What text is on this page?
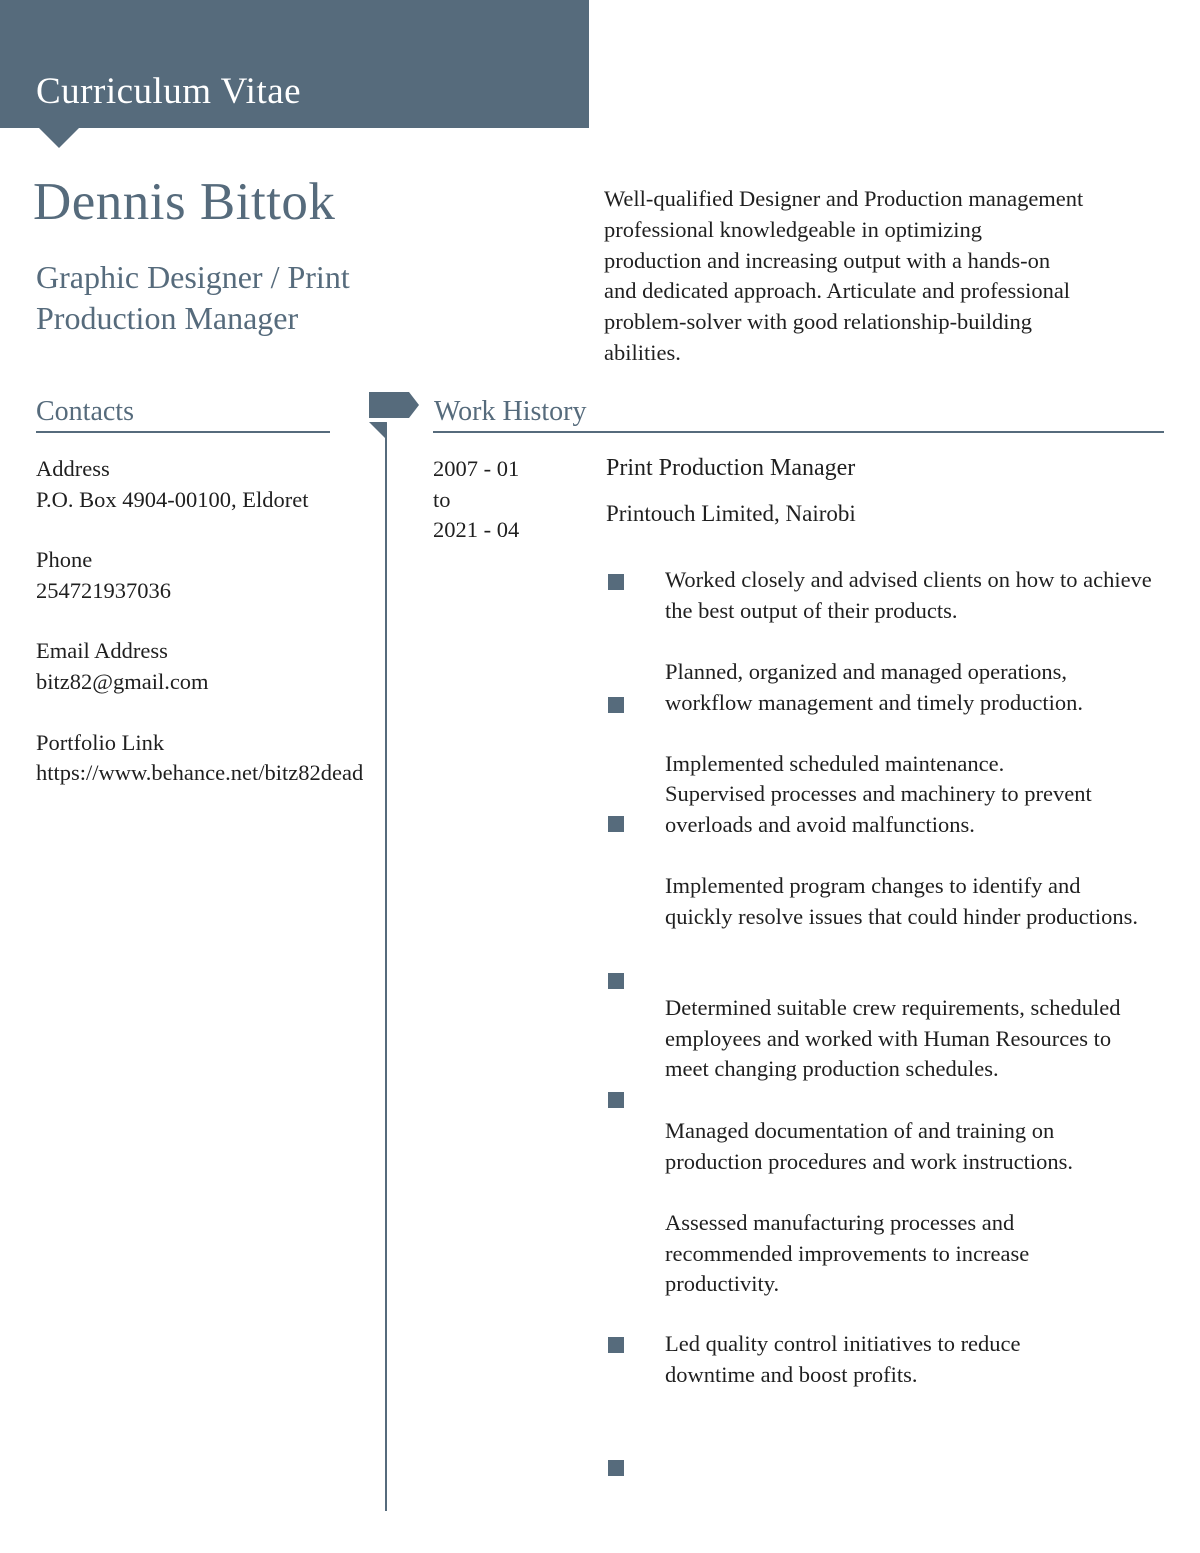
Curriculum Vitae
Dennis Bittok
Graphic Designer / Print Production Manager
Well-qualified Designer and Production management professional knowledgeable in optimizing production and increasing output with a hands-on and dedicated approach. Articulate and professional problem-solver with good relationship-building abilities.
Contacts
Address
P.O. Box 4904-00100, Eldoret
Phone
254721937036
Email Address
bitz82@gmail.com
Portfolio Link
https://www.behance.net/bitz82dead
Work History
2007 - 01
to
2021 - 04
Print Production Manager
Printouch Limited, Nairobi
Worked closely and advised clients on how to achieve the best output of their products.
Planned, organized and managed operations, workflow management and timely production.
Implemented scheduled maintenance.
Supervised processes and machinery to prevent overloads and avoid malfunctions.
Implemented program changes to identify and quickly resolve issues that could hinder productions.
Determined suitable crew requirements, scheduled employees and worked with Human Resources to meet changing production schedules.
Managed documentation of and training on production procedures and work instructions.
Assessed manufacturing processes and recommended improvements to increase productivity.
Led quality control initiatives to reduce downtime and boost profits.
